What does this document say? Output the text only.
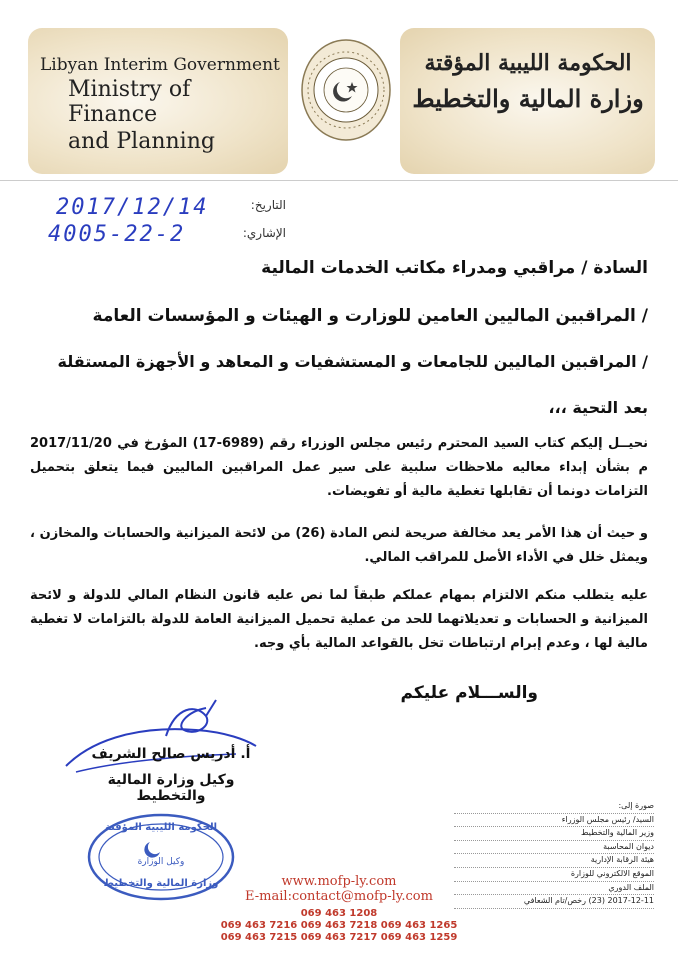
Libyan Interim Government
Ministry of Finance
and Planning
الحكومة الليبية المؤقتة
وزارة المالية والتخطيط
التاريخ:
الإشاري:
2017/12/14
4005-22-2
السادة / مراقبي ومدراء مكاتب الخدمات المالية
/ المراقبين الماليين العامين للوزارت و الهيئات و المؤسسات العامة
/ المراقبين الماليين للجامعات و المستشفيات و المعاهد و الأجهزة المستقلة
بعد التحية ،،،
نحيــل إليكم كتاب السيد المحترم رئيس مجلس الوزراء رقم (6989-17) المؤرخ في 2017/11/20 م بشأن إبداء معاليه ملاحظات سلبية على سير عمل المراقبين الماليين فيما يتعلق بتحميل التزامات دونما أن تقابلها تغطية مالية أو تفويضات.
و حيث أن هذا الأمر يعد مخالفة صريحة لنص المادة (26) من لائحة الميزانية والحسابات والمخازن ، ويمثل خلل في الأداء الأصل للمراقب المالي.
عليه يتطلب منكم الالتزام بمهام عملكم طبقاً لما نص عليه قانون النظام المالي للدولة و لائحة الميزانية و الحسابات و تعديلاتهما للحد من عملية تحميل الميزانية العامة للدولة بالتزامات لا تغطية مالية لها ، وعدم إبرام ارتباطات تخل بالقواعد المالية بأي وجه.
والســـلام عليكم
أ. أدريس صالح الشريف
وكيل وزارة المالية والتخطيط
الحكومة الليبية المؤقتة
وكيل الوزارة
وزارة المالية والتخطيط
صورة إلى:
السيد/ رئيس مجلس الوزراء
وزير المالية والتخطيط
ديوان المحاسبة
هيئة الرقابة الإدارية
الموقع الالكتروني للوزارة
الملف الدوري
2017-12-11 (23) رخص/تام الشعافي
www.mofp-ly.com
E-mail:contact@mofp-ly.com
069 463 1208
069 463 7216 069 463 7218 069 463 1265
069 463 7215 069 463 7217 069 463 1259
